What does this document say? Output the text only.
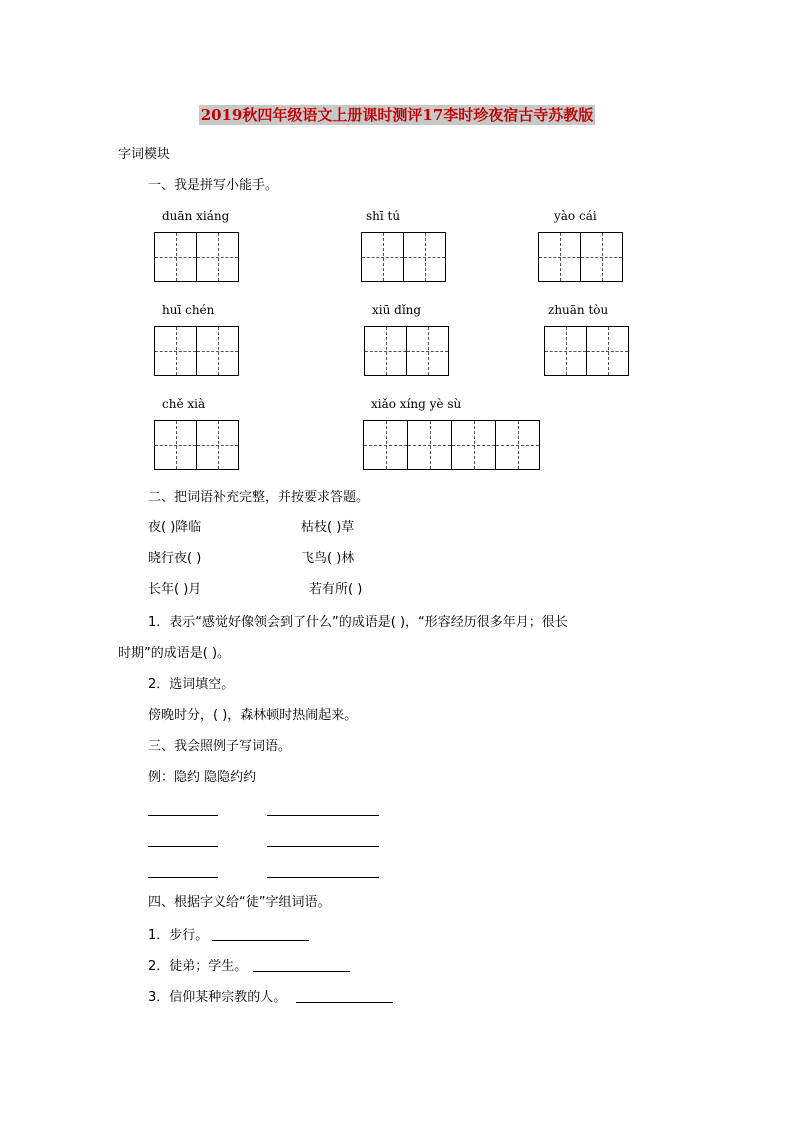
2019秋四年级语文上册课时测评17李时珍夜宿古寺苏教版
字词模块
一、我是拼写小能手。
duān xiáng	shī tú	yào cái
huī chén	xiū dǐng	zhuān tòu
chě xià	xiǎo xíng yè sù
二、把词语补充完整，并按要求答题。
夜( )降临	枯枝( )草
晓行夜( )	飞鸟( )林
长年( )月	若有所( )
1．表示“感觉好像领会到了什么”的成语是( )，“形容经历很多年月；很长
时期”的成语是( )。
2．选词填空。
傍晚时分，( )，森林顿时热闹起来。
三、我会照例子写词语。
例：隐约 隐隐约约
四、根据字义给“徒”字组词语。
1．步行。
2．徒弟；学生。
3．信仰某种宗教的人。
